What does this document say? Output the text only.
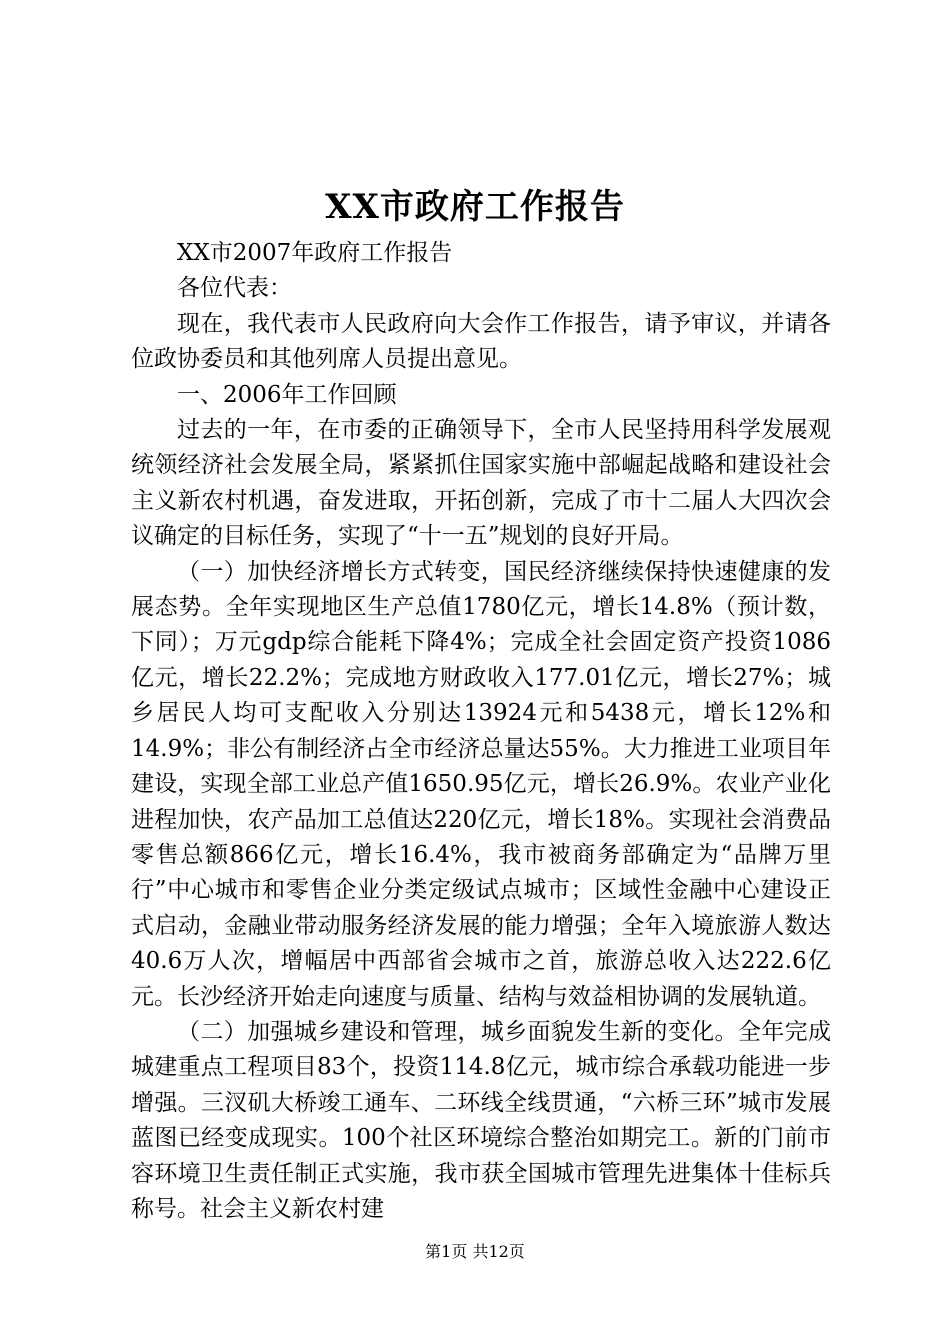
XX市政府工作报告

XX市2007年政府工作报告

各位代表：

现在，我代表市人民政府向大会作工作报告，请予审议，并请各位政协委员和其他列席人员提出意见。

一、2006年工作回顾

过去的一年，在市委的正确领导下，全市人民坚持用科学发展观统领经济社会发展全局，紧紧抓住国家实施中部崛起战略和建设社会主义新农村机遇，奋发进取，开拓创新，完成了市十二届人大四次会议确定的目标任务，实现了“十一五”规划的良好开局。

（一）加快经济增长方式转变，国民经济继续保持快速健康的发展态势。全年实现地区生产总值1780亿元，增长14.8%（预计数，下同）；万元gdp综合能耗下降4%；完成全社会固定资产投资1086亿元，增长22.2%；完成地方财政收入177.01亿元，增长27%；城乡居民人均可支配收入分别达13924元和5438元，增长12%和14.9%；非公有制经济占全市经济总量达55%。大力推进工业项目年建设，实现全部工业总产值1650.95亿元，增长26.9%。农业产业化进程加快，农产品加工总值达220亿元，增长18%。实现社会消费品零售总额866亿元，增长16.4%，我市被商务部确定为“品牌万里行”中心城市和零售企业分类定级试点城市；区域性金融中心建设正式启动，金融业带动服务经济发展的能力增强；全年入境旅游人数达40.6万人次，增幅居中西部省会城市之首，旅游总收入达222.6亿元。长沙经济开始走向速度与质量、结构与效益相协调的发展轨道。

（二）加强城乡建设和管理，城乡面貌发生新的变化。全年完成城建重点工程项目83个，投资114.8亿元，城市综合承载功能进一步增强。三汊矶大桥竣工通车、二环线全线贯通，“六桥三环”城市发展蓝图已经变成现实。100个社区环境综合整治如期完工。新的门前市容环境卫生责任制正式实施，我市获全国城市管理先进集体十佳标兵称号。社会主义新农村建

第1页 共12页
